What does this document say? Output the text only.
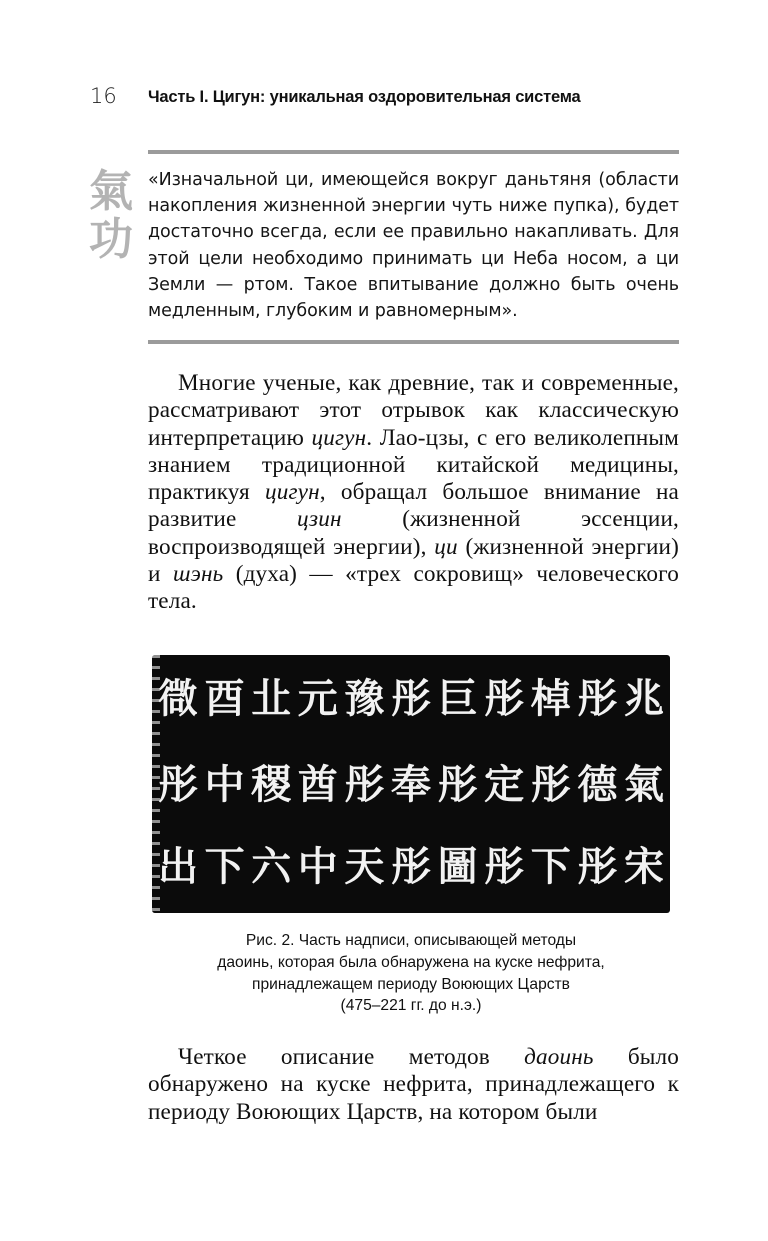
16 Часть I. Цигун: уникальная оздоровительная система
氣
功
«Изначальной ци, имеющейся вокруг даньтяня (области накопления жизненной энергии чуть ниже пупка), будет достаточно всегда, если ее правильно накапливать. Для этой цели необходимо принимать ци Неба носом, а ци Земли — ртом. Такое впитывание должно быть очень медленным, глубоким и равномерным».

Многие ученые, как древние, так и современные, рассматривают этот отрывок как классическую интерпретацию цигун. Лао-цзы, с его великолепным знанием традиционной китайской медицины, практикуя цигун, обращал большое внимание на развитие цзин (жизненной эссенции, воспроизводящей энергии), ци (жизненной энергии) и шэнь (духа) — «трех сокровищ» человеческого тела.

㣲 酉 㐀 元 豫 彤 巨 彤 棹 彤 兆
彤 中 稷 酋 彤 奉 彤 定 彤 德 氣
出 下 六 中 天 彤 圖 彤 下 彤 宋
Рис. 2. Часть надписи, описывающей методы
даоинь, которая была обнаружена на куске нефрита,
принадлежащем периоду Воюющих Царств
(475–221 гг. до н.э.)

Четкое описание методов даоинь было обнаружено на куске нефрита, принадлежащего к периоду Воюющих Царств, на котором были
